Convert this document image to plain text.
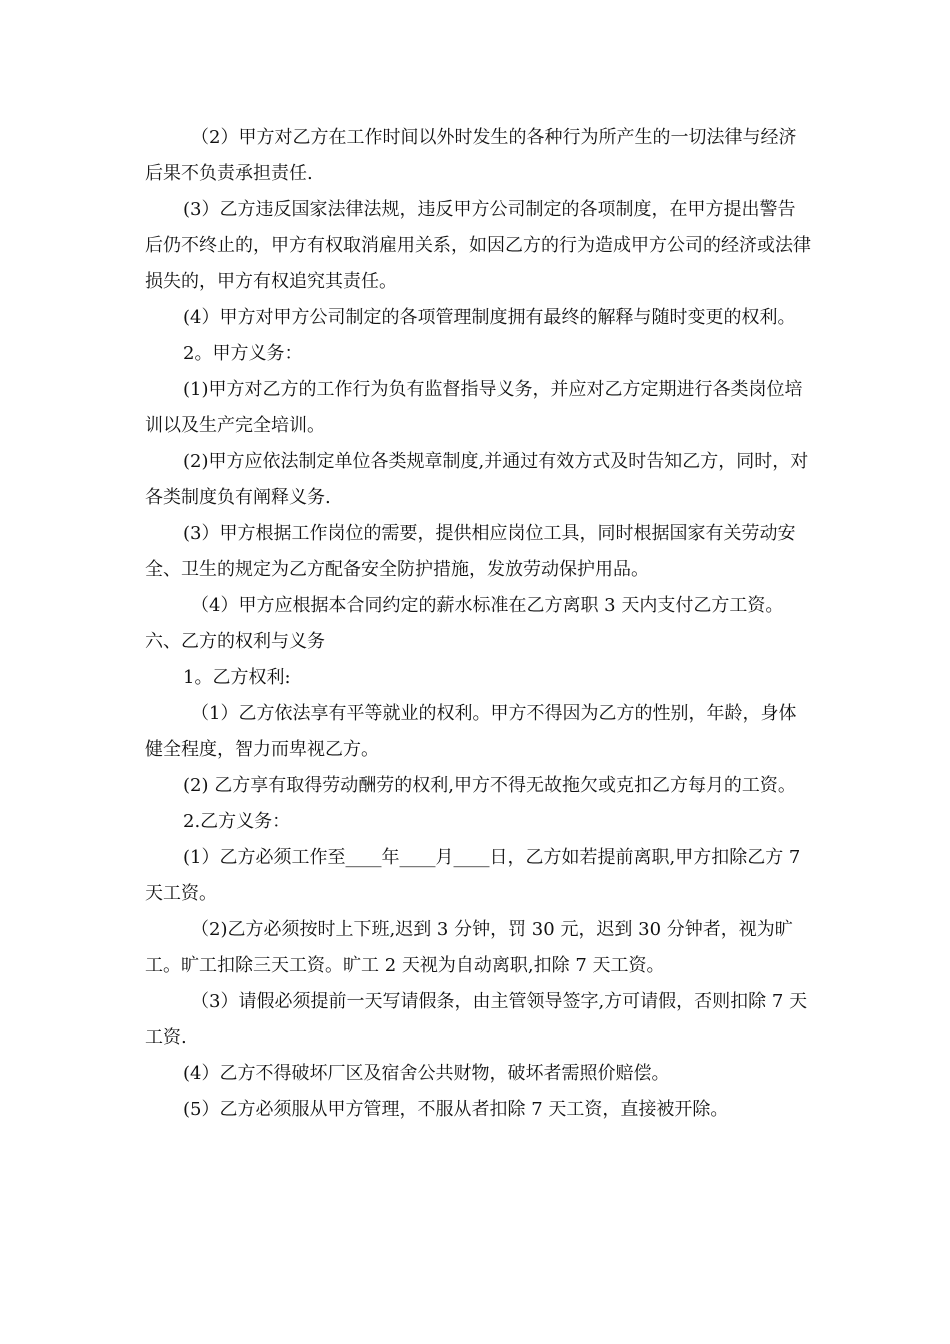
（2）甲方对乙方在工作时间以外时发生的各种行为所产生的一切法律与经济后果不负责承担责任.

(3）乙方违反国家法律法规，违反甲方公司制定的各项制度，在甲方提出警告后仍不终止的，甲方有权取消雇用关系，如因乙方的行为造成甲方公司的经济或法律损失的，甲方有权追究其责任。

(4）甲方对甲方公司制定的各项管理制度拥有最终的解释与随时变更的权利。

2。甲方义务：

(1)甲方对乙方的工作行为负有监督指导义务，并应对乙方定期进行各类岗位培训以及生产完全培训。

(2)甲方应依法制定单位各类规章制度,并通过有效方式及时告知乙方，同时，对各类制度负有阐释义务.

(3）甲方根据工作岗位的需要，提供相应岗位工具，同时根据国家有关劳动安全、卫生的规定为乙方配备安全防护措施，发放劳动保护用品。

（4）甲方应根据本合同约定的薪水标准在乙方离职 3 天内支付乙方工资。

六、乙方的权利与义务

1。乙方权利:

（1）乙方依法享有平等就业的权利。甲方不得因为乙方的性别，年龄，身体健全程度，智力而卑视乙方。

(2) 乙方享有取得劳动酬劳的权利,甲方不得无故拖欠或克扣乙方每月的工资。

2.乙方义务：

(1）乙方必须工作至____年____月____日，乙方如若提前离职,甲方扣除乙方 7 天工资。

（2)乙方必须按时上下班,迟到 3 分钟，罚 30 元，迟到 30 分钟者，视为旷工。旷工扣除三天工资。旷工 2 天视为自动离职,扣除 7 天工资。

（3）请假必须提前一天写请假条，由主管领导签字,方可请假，否则扣除 7 天工资.

(4）乙方不得破坏厂区及宿舍公共财物，破坏者需照价赔偿。

(5）乙方必须服从甲方管理，不服从者扣除 7 天工资，直接被开除。
